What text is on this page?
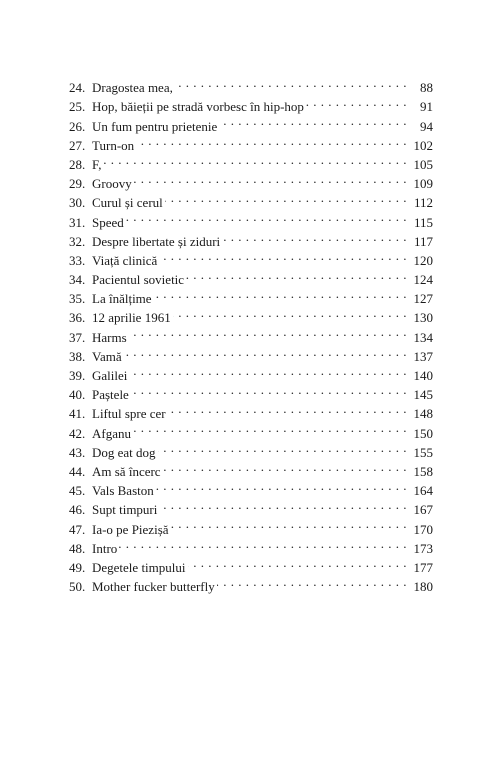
24. Dragostea mea, . . .	88
25. Hop, băieții pe stradă vorbesc în hip-hop . . .	91
26. Un fum pentru prietenie . . .	94
27. Turn-on . . .	102
28. F, . . .	105
29. Groovy . . .	109
30. Curul și cerul . . .	112
31. Speed . . .	115
32. Despre libertate și ziduri . . .	117
33. Viață clinică . . .	120
34. Pacientul sovietic . . .	124
35. La înălțime . . .	127
36. 12 aprilie 1961 . . .	130
37. Harms . . .	134
38. Vamă . . .	137
39. Galilei . . .	140
40. Paștele . . .	145
41. Liftul spre cer . . .	148
42. Afganu . . .	150
43. Dog eat dog . . .	155
44. Am să încerc . . .	158
45. Vals Baston . . .	164
46. Supt timpuri . . .	167
47. Ia-o pe Piezișă . . .	170
48. Intro . . .	173
49. Degetele timpului . . .	177
50. Mother fucker butterfly . . .	180
